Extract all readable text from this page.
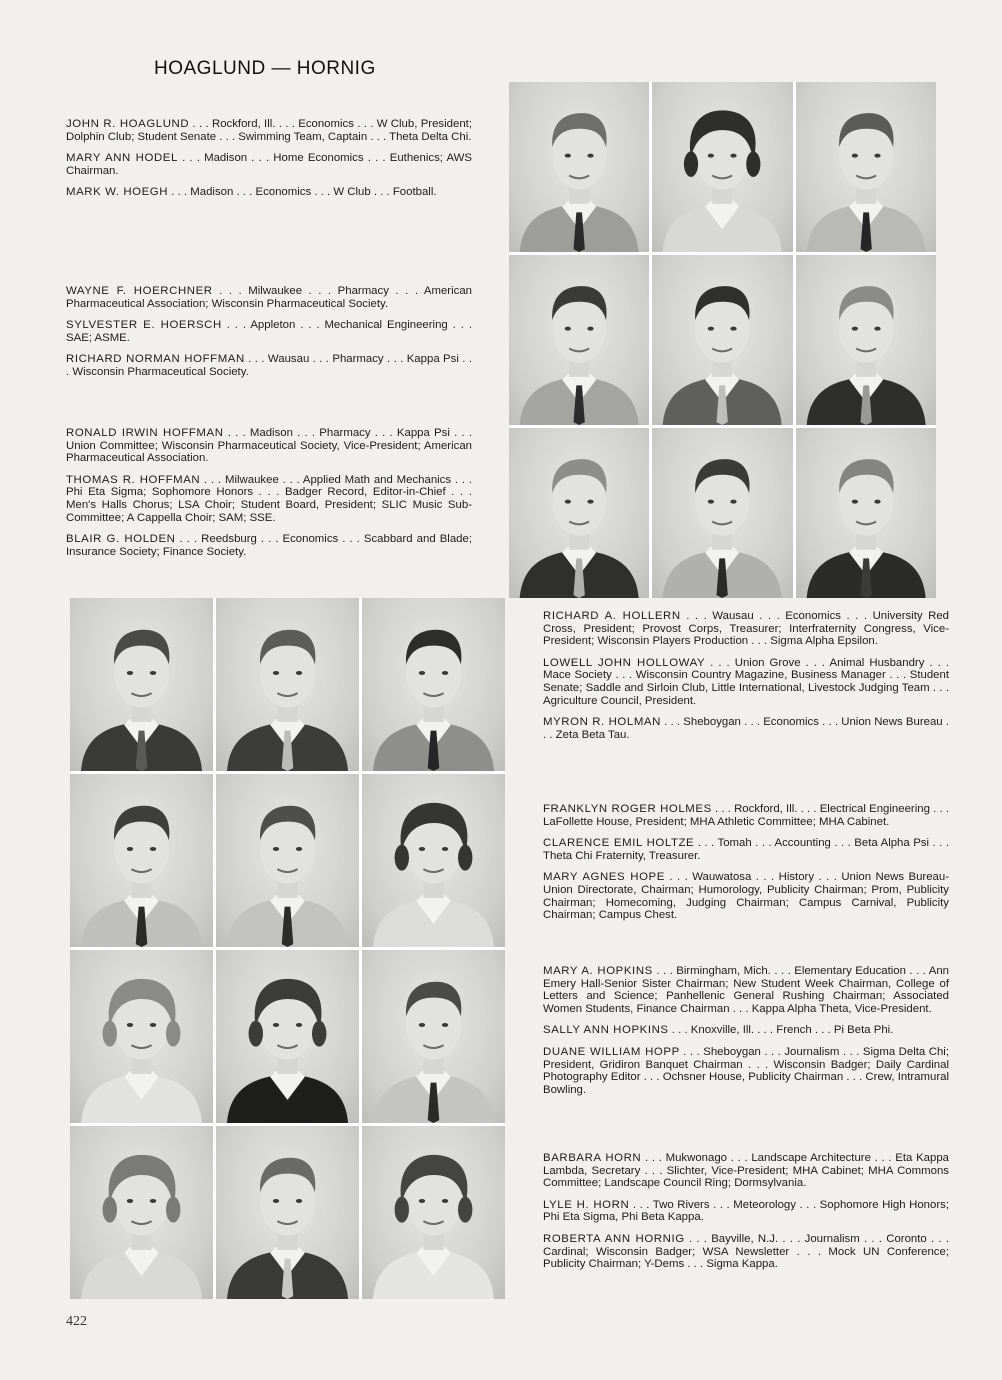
HOAGLUND — HORNIG

JOHN R. HOAGLUND . . . Rockford, Ill. . . . Economics . . . W Club, President; Dolphin Club; Student Senate . . . Swimming Team, Captain . . . Theta Delta Chi.

MARY ANN HODEL . . . Madison . . . Home Economics . . . Euthenics; AWS Chairman.

MARK W. HOEGH . . . Madison . . . Economics . . . W Club . . . Football.

WAYNE F. HOERCHNER . . . Milwaukee . . . Pharmacy . . . American Pharmaceutical Association; Wisconsin Pharmaceutical Society.

SYLVESTER E. HOERSCH . . . Appleton . . . Mechanical Engineering . . . SAE; ASME.

RICHARD NORMAN HOFFMAN . . . Wausau . . . Pharmacy . . . Kappa Psi . . . Wisconsin Pharmaceutical Society.

RONALD IRWIN HOFFMAN . . . Madison . . . Pharmacy . . . Kappa Psi . . . Union Committee; Wisconsin Pharmaceutical Society, Vice-President; American Pharmaceutical Association.

THOMAS R. HOFFMAN . . . Milwaukee . . . Applied Math and Mechanics . . . Phi Eta Sigma; Sophomore Honors . . . Badger Record, Editor-in-Chief . . . Men's Halls Chorus; LSA Choir; Student Board, President; SLIC Music Sub-Committee; A Cappella Choir; SAM; SSE.

BLAIR G. HOLDEN . . . Reedsburg . . . Economics . . . Scabbard and Blade; Insurance Society; Finance Society.

RICHARD A. HOLLERN . . . Wausau . . . Economics . . . University Red Cross, President; Provost Corps, Treasurer; Interfraternity Congress, Vice-President; Wisconsin Players Production . . . Sigma Alpha Epsilon.

LOWELL JOHN HOLLOWAY . . . Union Grove . . . Animal Husbandry . . . Mace Society . . . Wisconsin Country Magazine, Business Manager . . . Student Senate; Saddle and Sirloin Club, Little International, Livestock Judging Team . . . Agriculture Council, President.

MYRON R. HOLMAN . . . Sheboygan . . . Economics . . . Union News Bureau . . . Zeta Beta Tau.

FRANKLYN ROGER HOLMES . . . Rockford, Ill. . . . Electrical Engineering . . . LaFollette House, President; MHA Athletic Committee; MHA Cabinet.

CLARENCE EMIL HOLTZE . . . Tomah . . . Accounting . . . Beta Alpha Psi . . . Theta Chi Fraternity, Treasurer.

MARY AGNES HOPE . . . Wauwatosa . . . History . . . Union News Bureau-Union Directorate, Chairman; Humorology, Publicity Chairman; Prom, Publicity Chairman; Homecoming, Judging Chairman; Campus Carnival, Publicity Chairman; Campus Chest.

MARY A. HOPKINS . . . Birmingham, Mich. . . . Elementary Education . . . Ann Emery Hall-Senior Sister Chairman; New Student Week Chairman, College of Letters and Science; Panhellenic General Rushing Chairman; Associated Women Students, Finance Chairman . . . Kappa Alpha Theta, Vice-President.

SALLY ANN HOPKINS . . . Knoxville, Ill. . . . French . . . Pi Beta Phi.

DUANE WILLIAM HOPP . . . Sheboygan . . . Journalism . . . Sigma Delta Chi; President, Gridiron Banquet Chairman . . . Wisconsin Badger; Daily Cardinal Photography Editor . . . Ochsner House, Publicity Chairman . . . Crew, Intramural Bowling.

BARBARA HORN . . . Mukwonago . . . Landscape Architecture . . . Eta Kappa Lambda, Secretary . . . Slichter, Vice-President; MHA Cabinet; MHA Commons Committee; Landscape Council Ring; Dormsylvania.

LYLE H. HORN . . . Two Rivers . . . Meteorology . . . Sophomore High Honors; Phi Eta Sigma, Phi Beta Kappa.

ROBERTA ANN HORNIG . . . Bayville, N.J. . . . Journalism . . . Coronto . . . Cardinal; Wisconsin Badger; WSA Newsletter . . . Mock UN Conference; Publicity Chairman; Y-Dems . . . Sigma Kappa.

422
